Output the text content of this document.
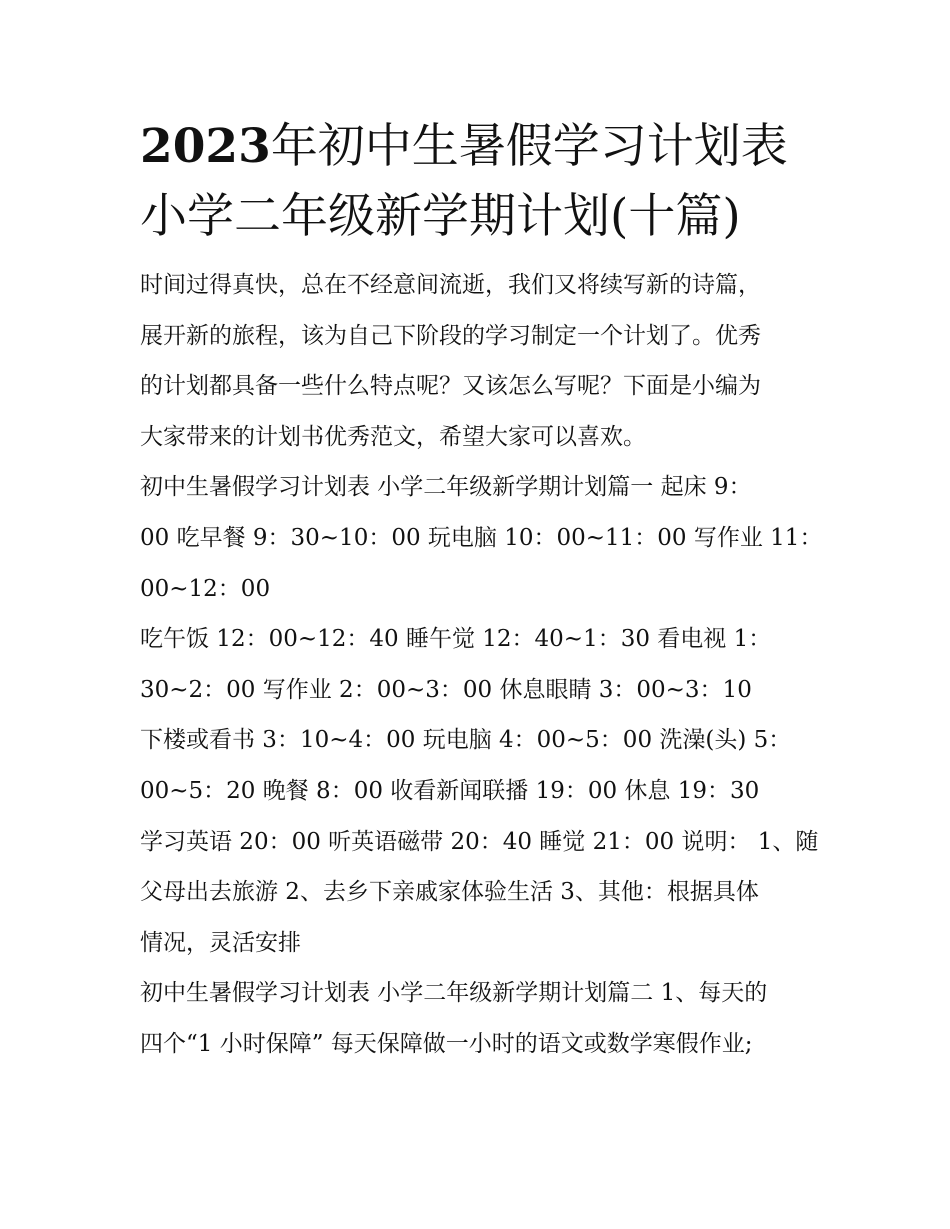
2023年初中生暑假学习计划表
小学二年级新学期计划(十篇)
时间过得真快，总在不经意间流逝，我们又将续写新的诗篇，
展开新的旅程，该为自己下阶段的学习制定一个计划了。优秀
的计划都具备一些什么特点呢？又该怎么写呢？下面是小编为
大家带来的计划书优秀范文，希望大家可以喜欢。
初中生暑假学习计划表 小学二年级新学期计划篇一 起床 9：
00 吃早餐 9：30~10：00 玩电脑 10：00~11：00 写作业 11：
00~12：00
吃午饭 12：00~12：40 睡午觉 12：40~1：30 看电视 1：
30~2：00 写作业 2：00~3：00 休息眼睛 3：00~3：10
下楼或看书 3：10~4：00 玩电脑 4：00~5：00 洗澡(头) 5：
00~5：20 晚餐 8：00 收看新闻联播 19：00 休息 19：30
学习英语 20：00 听英语磁带 20：40 睡觉 21：00 说明： 1、随
父母出去旅游 2、去乡下亲戚家体验生活 3、其他：根据具体
情况，灵活安排
初中生暑假学习计划表 小学二年级新学期计划篇二 1、每天的
四个“1 小时保障” 每天保障做一小时的语文或数学寒假作业;
